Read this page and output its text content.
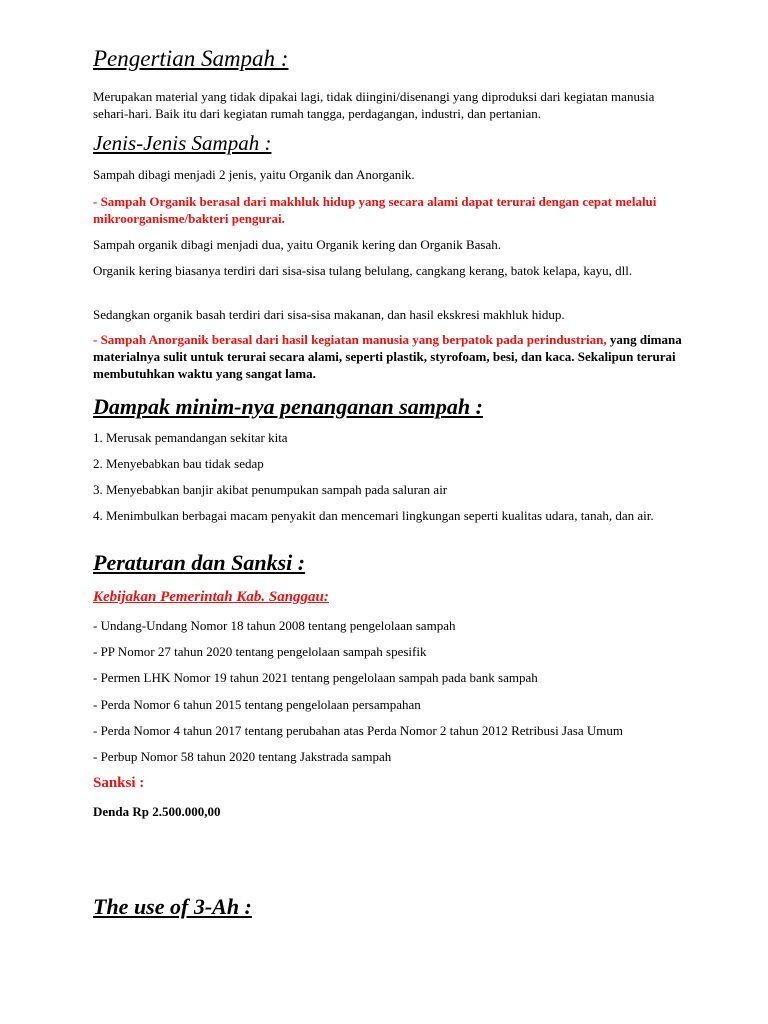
Pengertian Sampah :
Merupakan material yang tidak dipakai lagi, tidak diingini/disenangi yang diproduksi dari kegiatan manusia sehari-hari. Baik itu dari kegiatan rumah tangga, perdagangan, industri, dan pertanian.
Jenis-Jenis Sampah :
Sampah dibagi menjadi 2 jenis, yaitu Organik dan Anorganik.
- Sampah Organik berasal dari makhluk hidup yang secara alami dapat terurai dengan cepat melalui mikroorganisme/bakteri pengurai.
Sampah organik dibagi menjadi dua, yaitu Organik kering dan Organik Basah.
Organik kering biasanya terdiri dari sisa-sisa tulang belulang, cangkang kerang, batok kelapa, kayu, dll.
Sedangkan organik basah terdiri dari sisa-sisa makanan, dan hasil ekskresi makhluk hidup.
- Sampah Anorganik berasal dari hasil kegiatan manusia yang berpatok pada perindustrian, yang dimana materialnya sulit untuk terurai secara alami, seperti plastik, styrofoam, besi, dan kaca. Sekalipun terurai membutuhkan waktu yang sangat lama.
Dampak minim-nya penanganan sampah :
1. Merusak pemandangan sekitar kita
2. Menyebabkan bau tidak sedap
3. Menyebabkan banjir akibat penumpukan sampah pada saluran air
4. Menimbulkan berbagai macam penyakit dan mencemari lingkungan seperti kualitas udara, tanah, dan air.
Peraturan dan Sanksi :
Kebijakan Pemerintah Kab. Sanggau:
- Undang-Undang Nomor 18 tahun 2008 tentang pengelolaan sampah
- PP Nomor 27 tahun 2020 tentang pengelolaan sampah spesifik
- Permen LHK Nomor 19 tahun 2021 tentang pengelolaan sampah pada bank sampah
- Perda Nomor 6 tahun 2015 tentang pengelolaan persampahan
- Perda Nomor 4 tahun 2017 tentang perubahan atas Perda Nomor 2 tahun 2012 Retribusi Jasa Umum
- Perbup Nomor 58 tahun 2020 tentang Jakstrada sampah
Sanksi :
Denda Rp 2.500.000,00
The use of 3-Ah :
